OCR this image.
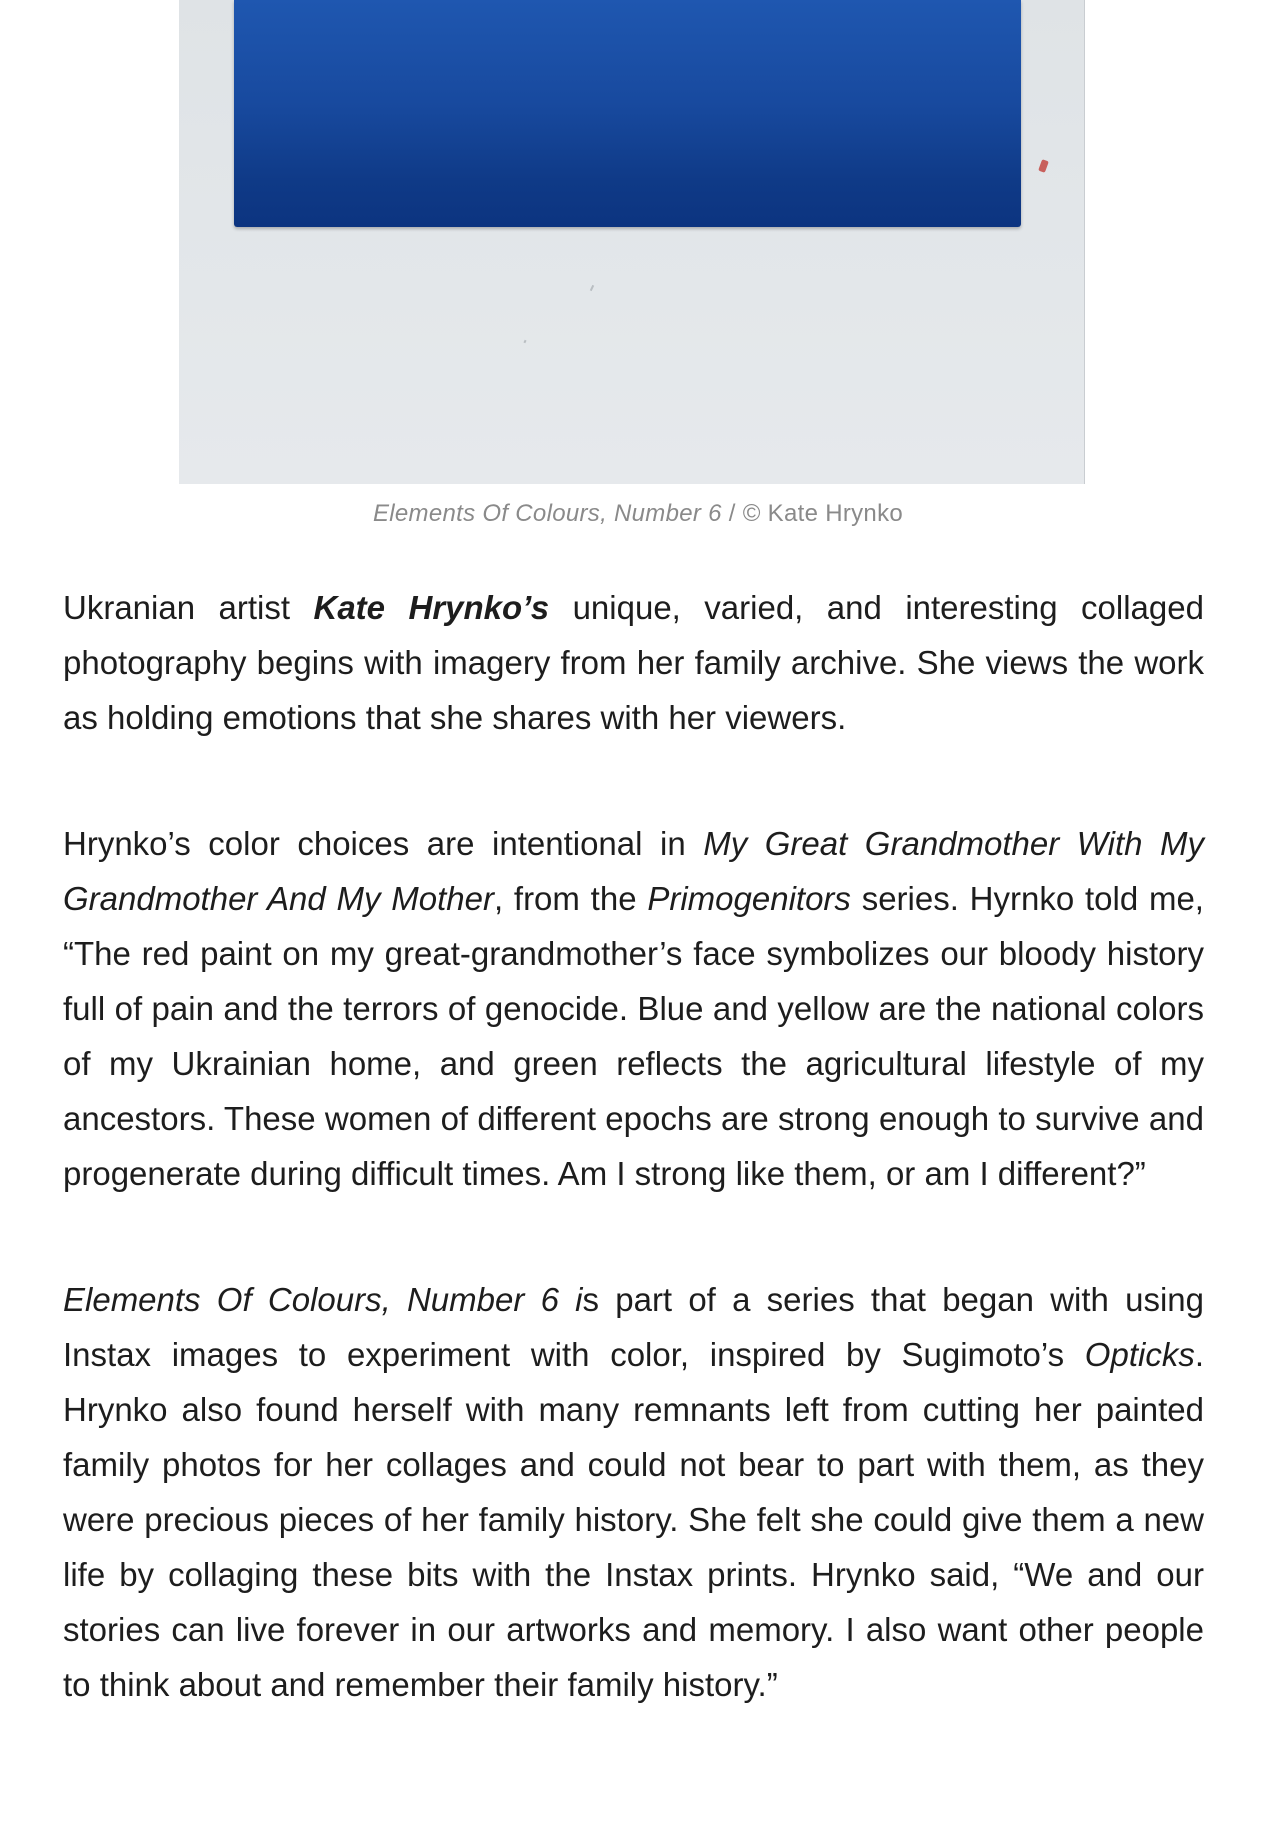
Elements Of Colours, Number 6 / © Kate Hrynko

Ukranian artist Kate Hrynko’s unique, varied, and interesting collaged photography begins with imagery from her family archive. She views the work as holding emotions that she shares with her viewers.

Hrynko’s color choices are intentional in My Great Grandmother With My Grandmother And My Mother, from the Primogenitors series. Hyrnko told me, “The red paint on my great-grandmother’s face symbolizes our bloody history full of pain and the terrors of genocide. Blue and yellow are the national colors of my Ukrainian home, and green reflects the agricultural lifestyle of my ancestors. These women of different epochs are strong enough to survive and progenerate during difficult times. Am I strong like them, or am I different?”

Elements Of Colours, Number 6 is part of a series that began with using Instax images to experiment with color, inspired by Sugimoto’s Opticks. Hrynko also found herself with many remnants left from cutting her painted family photos for her collages and could not bear to part with them, as they were precious pieces of her family history. She felt she could give them a new life by collaging these bits with the Instax prints. Hrynko said, “We and our stories can live forever in our artworks and memory. I also want other people to think about and remember their family history.”
